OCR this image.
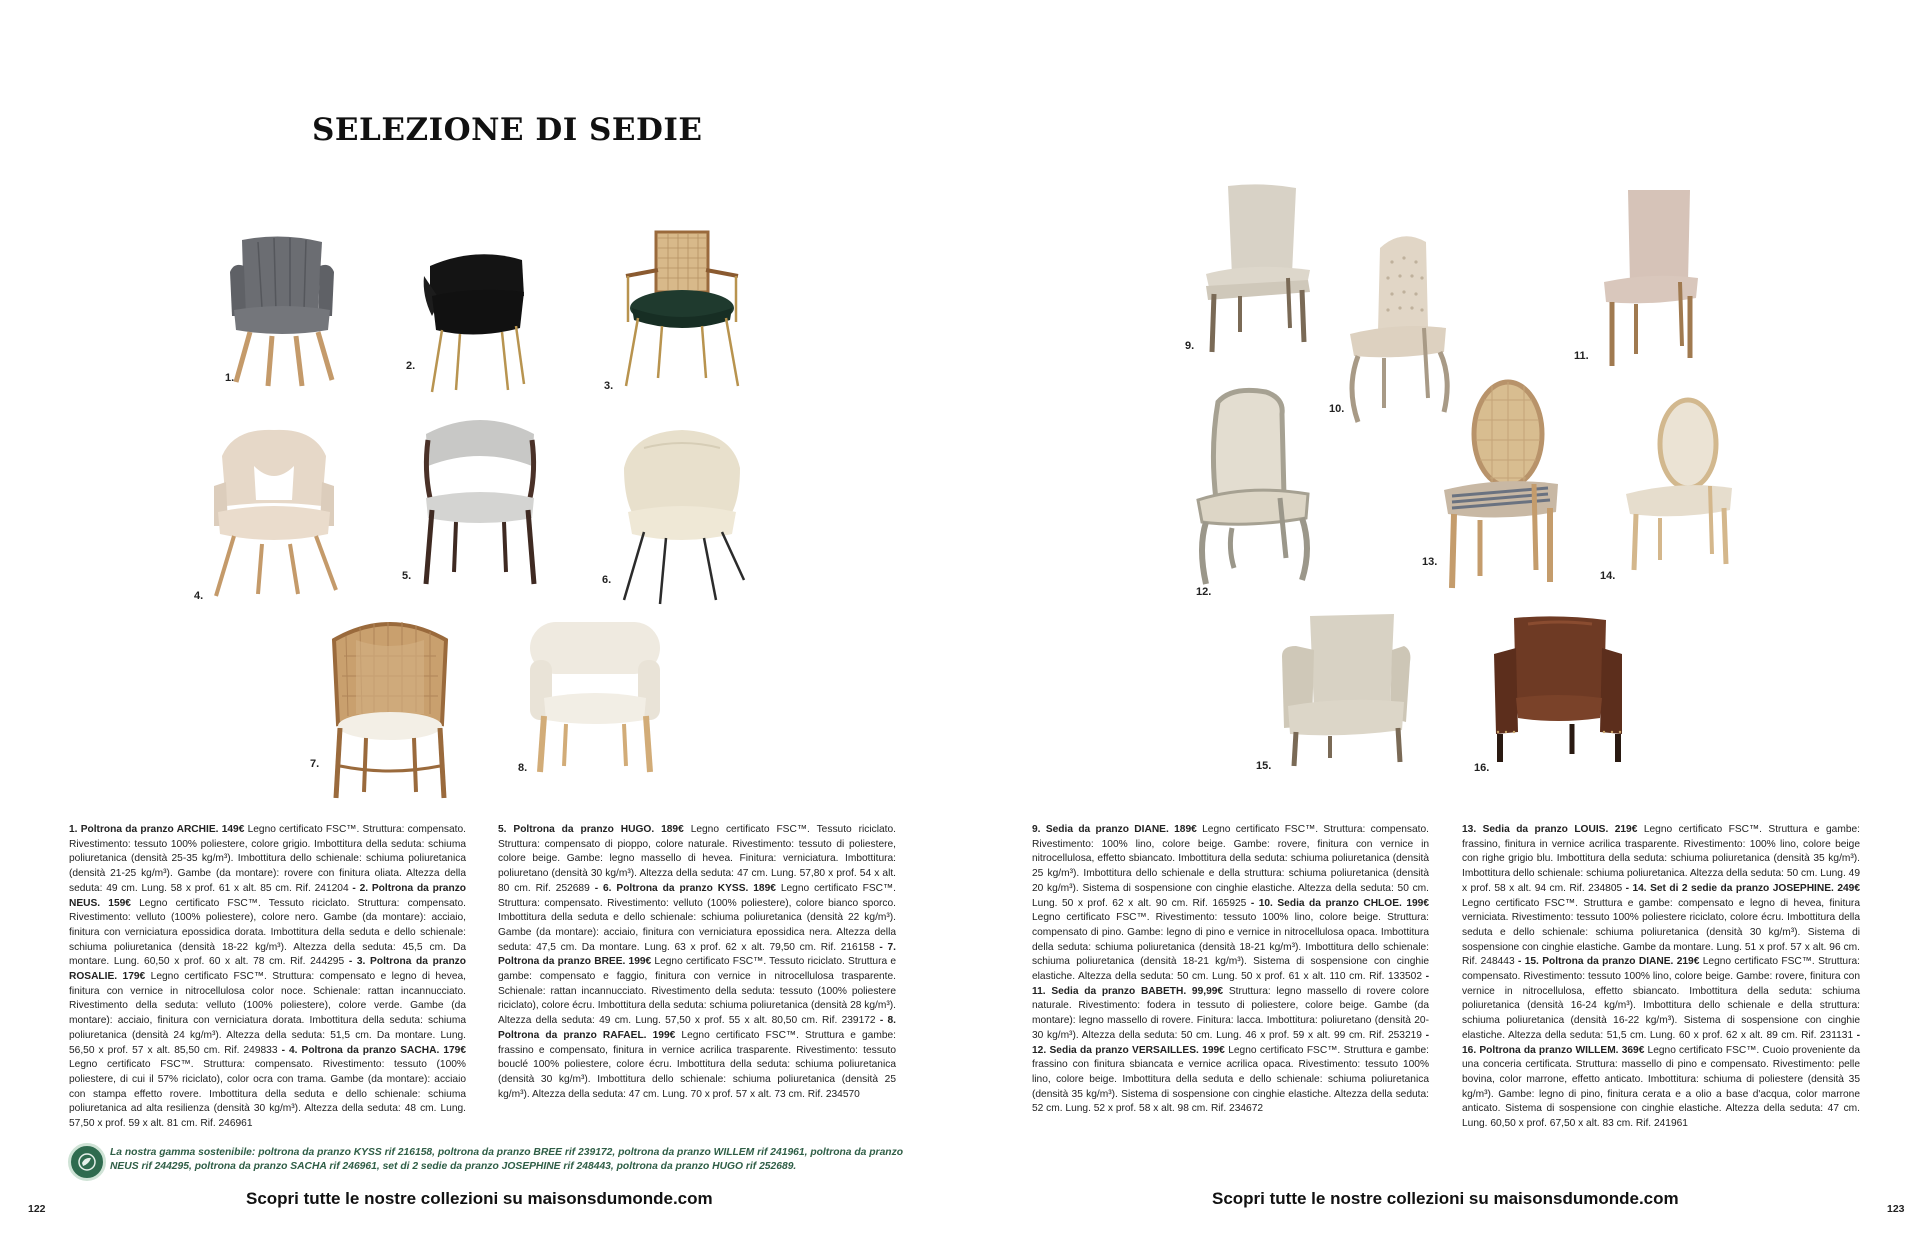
SELEZIONE DI SEDIE
1.
2.
3.
4.
5.	6.
7.	8.
9.
10.
11.
12.
13.
14.
15.	16.
1. Poltrona da pranzo ARCHIE. 149€ Legno certificato FSC™. Struttura: compensato. Rivestimento: tessuto 100% poliestere, colore grigio. Imbottitura della seduta: schiuma poliuretanica (densità 25-35 kg/m³). Imbottitura dello schienale: schiuma poliuretanica (densità 21-25 kg/m³). Gambe (da montare): rovere con finitura oliata. Altezza della seduta: 49 cm. Lung. 58 x prof. 61 x alt. 85 cm. Rif. 241204 - 2. Poltrona da pranzo NEUS. 159€ Legno certificato FSC™. Tessuto riciclato. Struttura: compensato. Rivestimento: velluto (100% poliestere), colore nero. Gambe (da montare): acciaio, finitura con verniciatura epossidica dorata. Imbottitura della seduta e dello schienale: schiuma poliuretanica (densità 18-22 kg/m³). Altezza della seduta: 45,5 cm. Da montare. Lung. 60,50 x prof. 60 x alt. 78 cm. Rif. 244295 - 3. Poltrona da pranzo ROSALIE. 179€ Legno certificato FSC™. Struttura: compensato e legno di hevea, finitura con vernice in nitrocellulosa color noce. Schienale: rattan incannucciato. Rivestimento della seduta: velluto (100% poliestere), colore verde. Gambe (da montare): acciaio, finitura con verniciatura dorata. Imbottitura della seduta: schiuma poliuretanica (densità 24 kg/m³). Altezza della seduta: 51,5 cm. Da montare. Lung. 56,50 x prof. 57 x alt. 85,50 cm. Rif. 249833 - 4. Poltrona da pranzo SACHA. 179€ Legno certificato FSC™. Struttura: compensato. Rivestimento: tessuto (100% poliestere, di cui il 57% riciclato), color ocra con trama. Gambe (da montare): acciaio con stampa effetto rovere. Imbottitura della seduta e dello schienale: schiuma poliuretanica ad alta resilienza (densità 30 kg/m³). Altezza della seduta: 48 cm. Lung. 57,50 x prof. 59 x alt. 81 cm. Rif. 246961
5. Poltrona da pranzo HUGO. 189€ Legno certificato FSC™. Tessuto riciclato. Struttura: compensato di pioppo, colore naturale. Rivestimento: tessuto di poliestere, colore beige. Gambe: legno massello di hevea. Finitura: verniciatura. Imbottitura: poliuretano (densità 30 kg/m³). Altezza della seduta: 47 cm. Lung. 57,80 x prof. 54 x alt. 80 cm. Rif. 252689 - 6. Poltrona da pranzo KYSS. 189€ Legno certificato FSC™. Struttura: compensato. Rivestimento: velluto (100% poliestere), colore bianco sporco. Imbottitura della seduta e dello schienale: schiuma poliuretanica (densità 22 kg/m³). Gambe (da montare): acciaio, finitura con verniciatura epossidica nera. Altezza della seduta: 47,5 cm. Da montare. Lung. 63 x prof. 62 x alt. 79,50 cm. Rif. 216158 - 7. Poltrona da pranzo BREE. 199€ Legno certificato FSC™. Tessuto riciclato. Struttura e gambe: compensato e faggio, finitura con vernice in nitrocellulosa trasparente. Schienale: rattan incannucciato. Rivestimento della seduta: tessuto (100% poliestere riciclato), colore écru. Imbottitura della seduta: schiuma poliuretanica (densità 28 kg/m³). Altezza della seduta: 49 cm. Lung. 57,50 x prof. 55 x alt. 80,50 cm. Rif. 239172 - 8. Poltrona da pranzo RAFAEL. 199€ Legno certificato FSC™. Struttura e gambe: frassino e compensato, finitura in vernice acrilica trasparente. Rivestimento: tessuto bouclé 100% poliestere, colore écru. Imbottitura della seduta: schiuma poliuretanica (densità 30 kg/m³). Imbottitura dello schienale: schiuma poliuretanica (densità 25 kg/m³). Altezza della seduta: 47 cm. Lung. 70 x prof. 57 x alt. 73 cm. Rif. 234570
9. Sedia da pranzo DIANE. 189€ Legno certificato FSC™. Struttura: compensato. Rivestimento: 100% lino, colore beige. Gambe: rovere, finitura con vernice in nitrocellulosa, effetto sbiancato. Imbottitura della seduta: schiuma poliuretanica (densità 25 kg/m³). Imbottitura dello schienale e della struttura: schiuma poliuretanica (densità 20 kg/m³). Sistema di sospensione con cinghie elastiche. Altezza della seduta: 50 cm. Lung. 50 x prof. 62 x alt. 90 cm. Rif. 165925 - 10. Sedia da pranzo CHLOE. 199€ Legno certificato FSC™. Rivestimento: tessuto 100% lino, colore beige. Struttura: compensato di pino. Gambe: legno di pino e vernice in nitrocellulosa opaca. Imbottitura della seduta: schiuma poliuretanica (densità 18-21 kg/m³). Imbottitura dello schienale: schiuma poliuretanica (densità 18-21 kg/m³). Sistema di sospensione con cinghie elastiche. Altezza della seduta: 50 cm. Lung. 50 x prof. 61 x alt. 110 cm. Rif. 133502 - 11. Sedia da pranzo BABETH. 99,99€ Struttura: legno massello di rovere colore naturale. Rivestimento: fodera in tessuto di poliestere, colore beige. Gambe (da montare): legno massello di rovere. Finitura: lacca. Imbottitura: poliuretano (densità 20-30 kg/m³). Altezza della seduta: 50 cm. Lung. 46 x prof. 59 x alt. 99 cm. Rif. 253219 - 12. Sedia da pranzo VERSAILLES. 199€ Legno certificato FSC™. Struttura e gambe: frassino con finitura sbiancata e vernice acrilica opaca. Rivestimento: tessuto 100% lino, colore beige. Imbottitura della seduta e dello schienale: schiuma poliuretanica (densità 35 kg/m³). Sistema di sospensione con cinghie elastiche. Altezza della seduta: 52 cm. Lung. 52 x prof. 58 x alt. 98 cm. Rif. 234672
13. Sedia da pranzo LOUIS. 219€ Legno certificato FSC™. Struttura e gambe: frassino, finitura in vernice acrilica trasparente. Rivestimento: 100% lino, colore beige con righe grigio blu. Imbottitura della seduta: schiuma poliuretanica (densità 35 kg/m³). Imbottitura dello schienale: schiuma poliuretanica. Altezza della seduta: 50 cm. Lung. 49 x prof. 58 x alt. 94 cm. Rif. 234805 - 14. Set di 2 sedie da pranzo JOSEPHINE. 249€ Legno certificato FSC™. Struttura e gambe: compensato e legno di hevea, finitura verniciata. Rivestimento: tessuto 100% poliestere riciclato, colore écru. Imbottitura della seduta e dello schienale: schiuma poliuretanica (densità 30 kg/m³). Sistema di sospensione con cinghie elastiche. Gambe da montare. Lung. 51 x prof. 57 x alt. 96 cm. Rif. 248443 - 15. Poltrona da pranzo DIANE. 219€ Legno certificato FSC™. Struttura: compensato. Rivestimento: tessuto 100% lino, colore beige. Gambe: rovere, finitura con vernice in nitrocellulosa, effetto sbiancato. Imbottitura della seduta: schiuma poliuretanica (densità 16-24 kg/m³). Imbottitura dello schienale e della struttura: schiuma poliuretanica (densità 16-22 kg/m³). Sistema di sospensione con cinghie elastiche. Altezza della seduta: 51,5 cm. Lung. 60 x prof. 62 x alt. 89 cm. Rif. 231131 - 16. Poltrona da pranzo WILLEM. 369€ Legno certificato FSC™. Cuoio proveniente da una conceria certificata. Struttura: massello di pino e compensato. Rivestimento: pelle bovina, color marrone, effetto anticato. Imbottitura: schiuma di poliestere (densità 35 kg/m³). Gambe: legno di pino, finitura cerata e a olio a base d'acqua, color marrone anticato. Sistema di sospensione con cinghie elastiche. Altezza della seduta: 47 cm. Lung. 60,50 x prof. 67,50 x alt. 83 cm. Rif. 241961
La nostra gamma sostenibile: poltrona da pranzo KYSS rif 216158, poltrona da pranzo BREE rif 239172, poltrona da pranzo WILLEM rif 241961, poltrona da pranzo NEUS rif 244295, poltrona da pranzo SACHA rif 246961, set di 2 sedie da pranzo JOSEPHINE rif 248443, poltrona da pranzo HUGO rif 252689.
Scopri tutte le nostre collezioni su maisonsdumonde.com	Scopri tutte le nostre collezioni su maisonsdumonde.com
122	123
